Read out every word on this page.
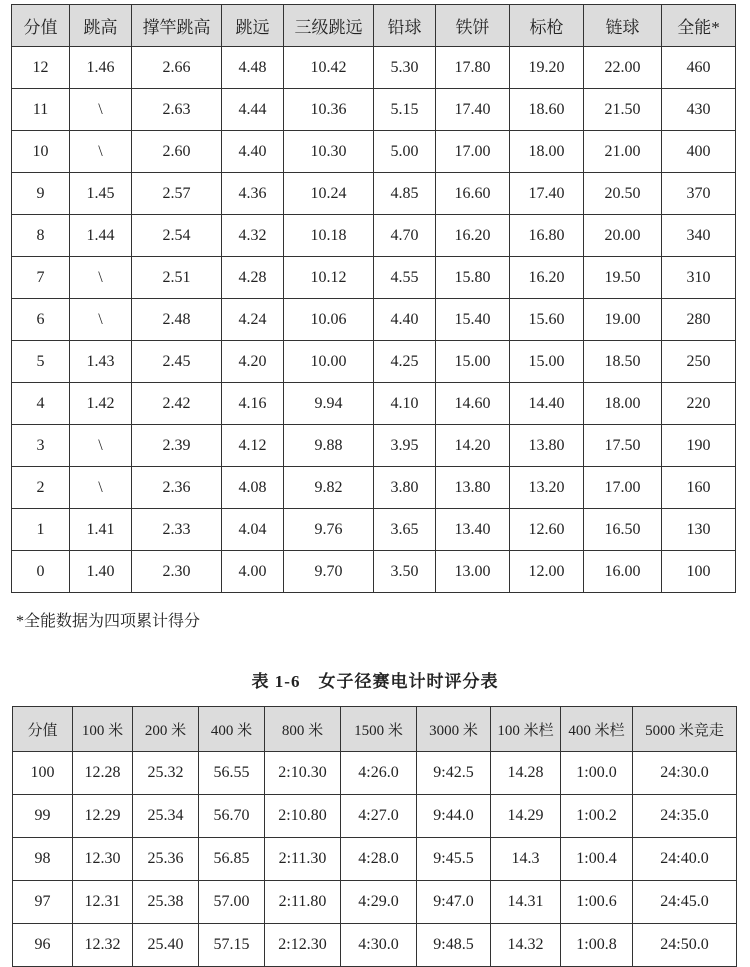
分值	跳高	撑竿跳高	跳远	三级跳远	铅球	铁饼	标枪	链球	全能*
12	1.46	2.66	4.48	10.42	5.30	17.80	19.20	22.00	460
11	\	2.63	4.44	10.36	5.15	17.40	18.60	21.50	430
10	\	2.60	4.40	10.30	5.00	17.00	18.00	21.00	400
9	1.45	2.57	4.36	10.24	4.85	16.60	17.40	20.50	370
8	1.44	2.54	4.32	10.18	4.70	16.20	16.80	20.00	340
7	\	2.51	4.28	10.12	4.55	15.80	16.20	19.50	310
6	\	2.48	4.24	10.06	4.40	15.40	15.60	19.00	280
5	1.43	2.45	4.20	10.00	4.25	15.00	15.00	18.50	250
4	1.42	2.42	4.16	9.94	4.10	14.60	14.40	18.00	220
3	\	2.39	4.12	9.88	3.95	14.20	13.80	17.50	190
2	\	2.36	4.08	9.82	3.80	13.80	13.20	17.00	160
1	1.41	2.33	4.04	9.76	3.65	13.40	12.60	16.50	130
0	1.40	2.30	4.00	9.70	3.50	13.00	12.00	16.00	100
*全能数据为四项累计得分
表 1-6　女子径赛电计时评分表
分值	100 米	200 米	400 米	800 米	1500 米	3000 米	100 米栏	400 米栏	5000 米竞走
100	12.28	25.32	56.55	2:10.30	4:26.0	9:42.5	14.28	1:00.0	24:30.0
99	12.29	25.34	56.70	2:10.80	4:27.0	9:44.0	14.29	1:00.2	24:35.0
98	12.30	25.36	56.85	2:11.30	4:28.0	9:45.5	14.3	1:00.4	24:40.0
97	12.31	25.38	57.00	2:11.80	4:29.0	9:47.0	14.31	1:00.6	24:45.0
96	12.32	25.40	57.15	2:12.30	4:30.0	9:48.5	14.32	1:00.8	24:50.0
